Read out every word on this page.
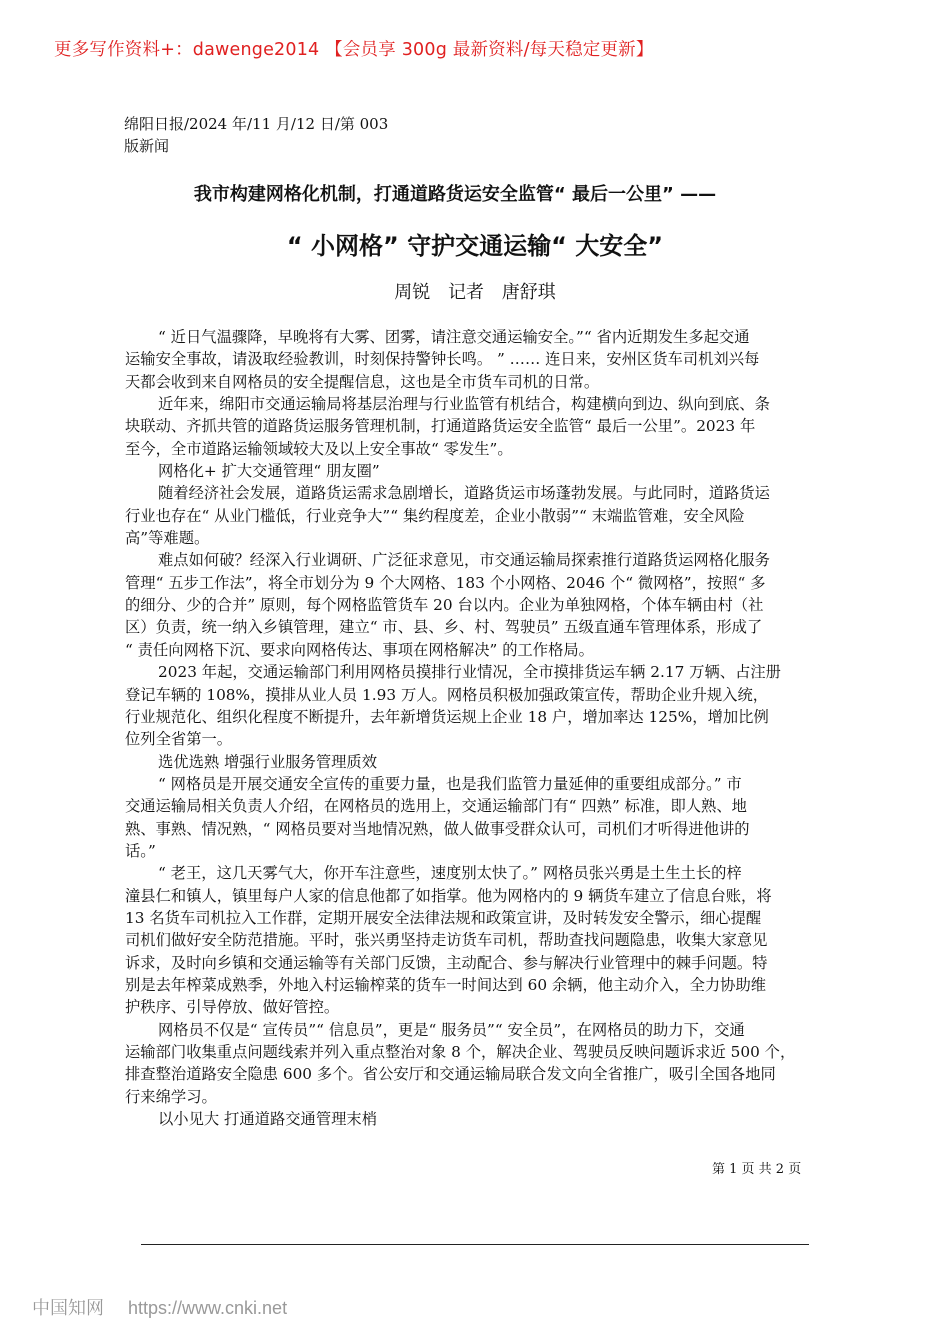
更多写作资料+：dawenge2014 【会员享 300g 最新资料/每天稳定更新】
绵阳日报/2024 年/11 月/12 日/第 003
版新闻
我市构建网格化机制，打通道路货运安全监管“ 最后一公里” ——
“ 小网格” 守护交通运输“ 大安全”
周锐 记者 唐舒琪
“ 近日气温骤降，早晚将有大雾、团雾，请注意交通运输安全。”“ 省内近期发生多起交通
运输安全事故，请汲取经验教训，时刻保持警钟长鸣。 ” …… 连日来，安州区货车司机刘兴每
天都会收到来自网格员的安全提醒信息，这也是全市货车司机的日常。
近年来，绵阳市交通运输局将基层治理与行业监管有机结合，构建横向到边、纵向到底、条
块联动、齐抓共管的道路货运服务管理机制，打通道路货运安全监管“ 最后一公里”。2023 年
至今，全市道路运输领域较大及以上安全事故“ 零发生”。
网格化+ 扩大交通管理“ 朋友圈”
随着经济社会发展，道路货运需求急剧增长，道路货运市场蓬勃发展。与此同时，道路货运
行业也存在“ 从业门槛低，行业竞争大”“ 集约程度差，企业小散弱”“ 末端监管难，安全风险
高”等难题。
难点如何破？经深入行业调研、广泛征求意见，市交通运输局探索推行道路货运网格化服务
管理“ 五步工作法”，将全市划分为 9 个大网格、183 个小网格、2046 个“ 微网格”，按照“ 多
的细分、少的合并” 原则，每个网格监管货车 20 台以内。企业为单独网格，个体车辆由村（社
区）负责，统一纳入乡镇管理，建立“ 市、县、乡、村、驾驶员” 五级直通车管理体系，形成了
“ 责任向网格下沉、要求向网格传达、事项在网格解决” 的工作格局。
2023 年起，交通运输部门利用网格员摸排行业情况，全市摸排货运车辆 2.17 万辆、占注册
登记车辆的 108%，摸排从业人员 1.93 万人。网格员积极加强政策宣传，帮助企业升规入统，
行业规范化、组织化程度不断提升，去年新增货运规上企业 18 户，增加率达 125%，增加比例
位列全省第一。
选优选熟 增强行业服务管理质效
“ 网格员是开展交通安全宣传的重要力量，也是我们监管力量延伸的重要组成部分。” 市
交通运输局相关负责人介绍，在网格员的选用上，交通运输部门有“ 四熟” 标准，即人熟、地
熟、事熟、情况熟，“ 网格员要对当地情况熟，做人做事受群众认可，司机们才听得进他讲的
话。”
“ 老王，这几天雾气大，你开车注意些，速度别太快了。” 网格员张兴勇是土生土长的梓
潼县仁和镇人，镇里每户人家的信息他都了如指掌。他为网格内的 9 辆货车建立了信息台账，将
13 名货车司机拉入工作群，定期开展安全法律法规和政策宣讲，及时转发安全警示，细心提醒
司机们做好安全防范措施。平时，张兴勇坚持走访货车司机，帮助查找问题隐患，收集大家意见
诉求，及时向乡镇和交通运输等有关部门反馈，主动配合、参与解决行业管理中的棘手问题。特
别是去年榨菜成熟季，外地入村运输榨菜的货车一时间达到 60 余辆，他主动介入，全力协助维
护秩序、引导停放、做好管控。
网格员不仅是“ 宣传员”“ 信息员”，更是“ 服务员”“ 安全员”，在网格员的助力下，交通
运输部门收集重点问题线索并列入重点整治对象 8 个，解决企业、驾驶员反映问题诉求近 500 个，
排查整治道路安全隐患 600 多个。省公安厅和交通运输局联合发文向全省推广，吸引全国各地同
行来绵学习。
以小见大 打通道路交通管理末梢
第 1 页 共 2 页
中国知网 https://www.cnki.net
